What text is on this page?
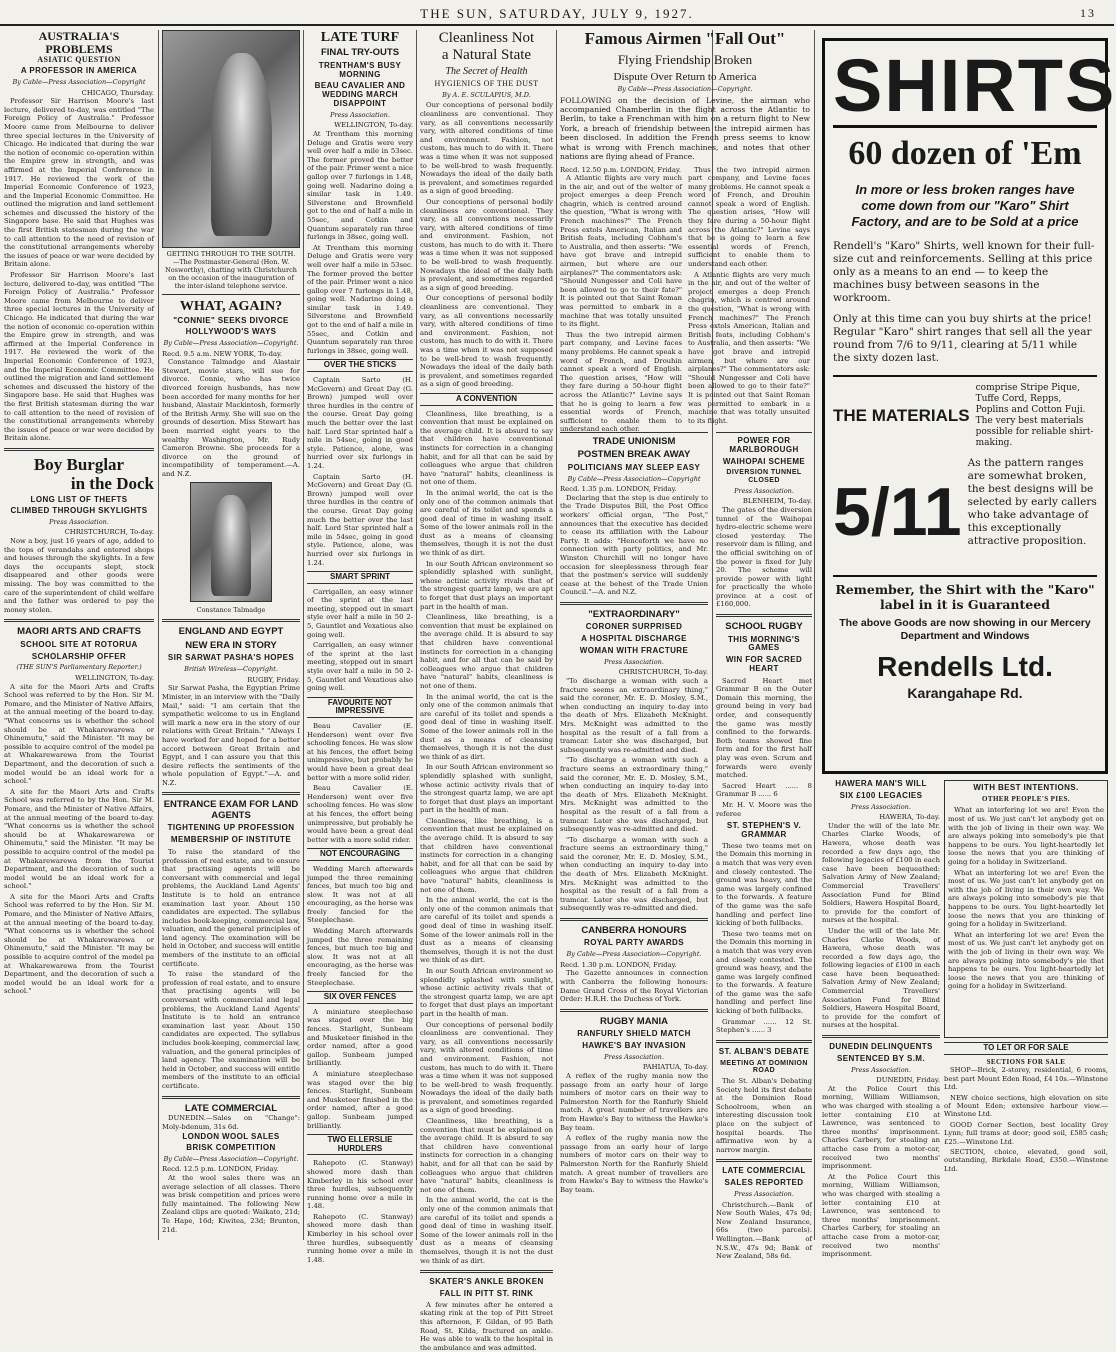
THE SUN, SATURDAY, JULY 9, 1927.	13
AUSTRALIA'S PROBLEMS
ASIATIC QUESTION
A PROFESSOR IN AMERICA
By Cable—Press Association—Copyright
CHICAGO, Thursday.

Professor Sir Harrison Moore's last lecture, delivered to-day, was entitled "The Foreign Policy of Australia." Professor Moore came from Melbourne to deliver three special lectures in the University of Chicago. He indicated that during the war the notion of economic co-operation within the Empire grew in strength, and was affirmed at the Imperial Conference in 1917. He reviewed the work of the Imperial Economic Conference of 1923, and the Imperial Economic Committee. He outlined the migration and land settlement schemes and discussed the history of the Singapore base. He said that Hughes was the first British statesman during the war to call attention to the need of revision of the constitutional arrangements whereby the issues of peace or war were decided by Britain alone.

Professor Sir Harrison Moore's last lecture, delivered to-day, was entitled "The Foreign Policy of Australia." Professor Moore came from Melbourne to deliver three special lectures in the University of Chicago. He indicated that during the war the notion of economic co-operation within the Empire grew in strength, and was affirmed at the Imperial Conference in 1917. He reviewed the work of the Imperial Economic Conference of 1923, and the Imperial Economic Committee. He outlined the migration and land settlement schemes and discussed the history of the Singapore base. He said that Hughes was the first British statesman during the war to call attention to the need of revision of the constitutional arrangements whereby the issues of peace or war were decided by Britain alone.

Boy Burglar
in the Dock
LONG LIST OF THEFTS
CLIMBED THROUGH SKYLIGHTS
Press Association.
CHRISTCHURCH, To-day.

Now a boy, just 16 years of age, added to the tops of verandahs and entered shops and houses through the skylights. In a few days the occupants slept, stock disappeared and other goods were missing. The boy was committed to the care of the superintendent of child welfare and the father was ordered to pay the money stolen.

MAORI ARTS AND CRAFTS
SCHOOL SITE AT ROTORUA
SCHOLARSHIP OFFER
(THE SUN'S Parliamentary Reporter.)
WELLINGTON, To-day.

A site for the Maori Arts and Crafts School was referred to by the Hon. Sir M. Pomare, and the Minister of Native Affairs, at the annual meeting of the board to-day. "What concerns us is whether the school should be at Whakarewarewa or Ohinemutu," said the Minister. "It may be possible to acquire control of the model pa at Whakarewarewa from the Tourist Department, and the decoration of such a model would be an ideal work for a school."

A site for the Maori Arts and Crafts School was referred to by the Hon. Sir M. Pomare, and the Minister of Native Affairs, at the annual meeting of the board to-day. "What concerns us is whether the school should be at Whakarewarewa or Ohinemutu," said the Minister. "It may be possible to acquire control of the model pa at Whakarewarewa from the Tourist Department, and the decoration of such a model would be an ideal work for a school."

A site for the Maori Arts and Crafts School was referred to by the Hon. Sir M. Pomare, and the Minister of Native Affairs, at the annual meeting of the board to-day. "What concerns us is whether the school should be at Whakarewarewa or Ohinemutu," said the Minister. "It may be possible to acquire control of the model pa at Whakarewarewa from the Tourist Department, and the decoration of such a model would be an ideal work for a school."

GETTING THROUGH TO THE SOUTH.—The Postmaster-General (Hon. W. Nosworthy), chatting with Christchurch on the occasion of the inauguration of the inter-island telephone service.
WHAT, AGAIN?
"CONNIE" SEEKS DIVORCE
HOLLYWOOD'S WAYS
By Cable—Press Association—Copyright.
Recd. 9.5 a.m. NEW YORK, To-day.

Constance Talmadge and Alastair Stewart, movie stars, will sue for divorce. Connie, who has twice divorced foreign husbands, has now been accorded for many months for her husband, Alastair Mackintosh, formerly of the British Army. She will sue on the grounds of desertion. Miss Stewart has been married eight years to the wealthy Washington, Mr. Rudy Cameron Browne. She proceeds for a divorce on the ground of incompatibility of temperament.—A. and N.Z.

Constance Talmadge
ENGLAND AND EGYPT
NEW ERA IN STORY
SIR SARWAT PASHA'S HOPES
British Wireless—Copyright.
RUGBY, Friday.

Sir Sarwat Pasha, the Egyptian Prime Minister, in an interview with the "Daily Mail," said: "I am certain that the sympathetic welcome to us in England will mark a new era in the story of our relations with Great Britain." "Always I have worked for and hoped for a better accord between Great Britain and Egypt, and I can assure you that this desire reflects the sentiments of the whole population of Egypt."—A. and N.Z.

ENTRANCE EXAM FOR LAND AGENTS
TIGHTENING UP PROFESSION
MEMBERSHIP OF INSTITUTE

To raise the standard of the profession of real estate, and to ensure that practising agents will be conversant with commercial and legal problems, the Auckland Land Agents' Institute is to hold an entrance examination last year. About 150 candidates are expected. The syllabus includes book-keeping, commercial law, valuation, and the general principles of land agency. The examination will be held in October, and success will entitle members of the institute to an official certificate.

To raise the standard of the profession of real estate, and to ensure that practising agents will be conversant with commercial and legal problems, the Auckland Land Agents' Institute is to hold an entrance examination last year. About 150 candidates are expected. The syllabus includes book-keeping, commercial law, valuation, and the general principles of land agency. The examination will be held in October, and success will entitle members of the institute to an official certificate.

LATE COMMERCIAL

DUNEDIN.—Sales on "Change": Moly-bdenum, 31s 6d.

LONDON WOOL SALES
BRISK COMPETITION
By Cable—Press Association—Copyright.
Recd. 12.5 p.m. LONDON, Friday.

At the wool sales there was an average selection of all classes. There was brisk competition and prices were fully maintained. The following New Zealand clips are quoted: Waikato, 21d; Te Hape, 16d; Kiwitea, 23d; Brunton, 21d.

LATE TURF
FINAL TRY-OUTS
TRENTHAM'S BUSY MORNING
BEAU CAVALIER AND WEDDING MARCH DISAPPOINT
Press Association.
WELLINGTON, To-day.

At Trentham this morning Deluge and Gratis were very well over half a mile in 53sec. The former proved the better of the pair. Primer went a nice gallop over 7 furlongs in 1.48, going well. Nadarino doing a similar task in 1.49. Silverstone and Brownfield got to the end of half a mile in 55sec, and Cotkin and Quantum separately ran three furlongs in 38sec, going well.

At Trentham this morning Deluge and Gratis were very well over half a mile in 53sec. The former proved the better of the pair. Primer went a nice gallop over 7 furlongs in 1.48, going well. Nadarino doing a similar task in 1.49. Silverstone and Brownfield got to the end of half a mile in 55sec, and Cotkin and Quantum separately ran three furlongs in 38sec, going well.

OVER THE STICKS

Captain Sarto (H. McGovern) and Great Day (G. Brown) jumped well over three hurdles in the centre of the course. Great Day going much the better over the last half. Lord Star sprinted half a mile in 54sec, going in good style. Patience, alone, was hurried over six furlongs in 1.24.

Captain Sarto (H. McGovern) and Great Day (G. Brown) jumped well over three hurdles in the centre of the course. Great Day going much the better over the last half. Lord Star sprinted half a mile in 54sec, going in good style. Patience, alone, was hurried over six furlongs in 1.24.

SMART SPRINT

Carrigallen, an easy winner of the sprint at the last meeting, stepped out in smart style over half a mile in 50 2-5, Gauntlet and Vexatious also going well.

Carrigallen, an easy winner of the sprint at the last meeting, stepped out in smart style over half a mile in 50 2-5, Gauntlet and Vexatious also going well.

FAVOURITE NOT IMPRESSIVE

Beau Cavalier (E. Henderson) went over five schooling fences. He was slow at his fences, the effort being unimpressive, but probably he would have been a great deal better with a more solid rider.

Beau Cavalier (E. Henderson) went over five schooling fences. He was slow at his fences, the effort being unimpressive, but probably he would have been a great deal better with a more solid rider.

NOT ENCOURAGING

Wedding March afterwards jumped the three remaining fences, but much too big and slow. It was not at all encouraging, as the horse was freely fancied for the Steeplechase.

Wedding March afterwards jumped the three remaining fences, but much too big and slow. It was not at all encouraging, as the horse was freely fancied for the Steeplechase.

SIX OVER FENCES

A miniature steeplechase was staged over the big fences. Starlight, Sunbeam and Musketeer finished in the order named, after a good gallop. Sunbeam jumped brilliantly.

A miniature steeplechase was staged over the big fences. Starlight, Sunbeam and Musketeer finished in the order named, after a good gallop. Sunbeam jumped brilliantly.

TWO ELLERSLIE HURDLERS

Rahepoto (C. Stanway) showed more dash than Kimberley in his school over three hurdles, subsequently running home over a mile in 1.48.

Rahepoto (C. Stanway) showed more dash than Kimberley in his school over three hurdles, subsequently running home over a mile in 1.48.

Cleanliness Not
a Natural State
The Secret of Health
HYGIENICS OF THE DUST
By A. E. SCULAPIUS, M.D.

Our conceptions of personal bodily cleanliness are conventional. They vary, as all conventions necessarily vary, with altered conditions of time and environment. Fashion, not custom, has much to do with it. There was a time when it was not supposed to be well-bred to wash frequently. Nowadays the ideal of the daily bath is prevalent, and sometimes regarded as a sign of good breeding.

Our conceptions of personal bodily cleanliness are conventional. They vary, as all conventions necessarily vary, with altered conditions of time and environment. Fashion, not custom, has much to do with it. There was a time when it was not supposed to be well-bred to wash frequently. Nowadays the ideal of the daily bath is prevalent, and sometimes regarded as a sign of good breeding.

Our conceptions of personal bodily cleanliness are conventional. They vary, as all conventions necessarily vary, with altered conditions of time and environment. Fashion, not custom, has much to do with it. There was a time when it was not supposed to be well-bred to wash frequently. Nowadays the ideal of the daily bath is prevalent, and sometimes regarded as a sign of good breeding.

A CONVENTION

Cleanliness, like breathing, is a convention that must be explained on the average child. It is absurd to say that children have conventional instincts for correction in a changing habit, and for all that can be said by colleagues who argue that children have "natural" habits, cleanliness is not one of them.

In the animal world, the cat is the only one of the common animals that are careful of its toilet and spends a good deal of time in washing itself. Some of the lower animals roll in the dust as a means of cleansing themselves, though it is not the dust we think of as dirt.

In our South African environment so splendidly splashed with sunlight, whose actinic activity rivals that of the strongest quartz lamp, we are apt to forget that dust plays an important part in the health of man.

Cleanliness, like breathing, is a convention that must be explained on the average child. It is absurd to say that children have conventional instincts for correction in a changing habit, and for all that can be said by colleagues who argue that children have "natural" habits, cleanliness is not one of them.

In the animal world, the cat is the only one of the common animals that are careful of its toilet and spends a good deal of time in washing itself. Some of the lower animals roll in the dust as a means of cleansing themselves, though it is not the dust we think of as dirt.

In our South African environment so splendidly splashed with sunlight, whose actinic activity rivals that of the strongest quartz lamp, we are apt to forget that dust plays an important part in the health of man.

Cleanliness, like breathing, is a convention that must be explained on the average child. It is absurd to say that children have conventional instincts for correction in a changing habit, and for all that can be said by colleagues who argue that children have "natural" habits, cleanliness is not one of them.

In the animal world, the cat is the only one of the common animals that are careful of its toilet and spends a good deal of time in washing itself. Some of the lower animals roll in the dust as a means of cleansing themselves, though it is not the dust we think of as dirt.

In our South African environment so splendidly splashed with sunlight, whose actinic activity rivals that of the strongest quartz lamp, we are apt to forget that dust plays an important part in the health of man.

Our conceptions of personal bodily cleanliness are conventional. They vary, as all conventions necessarily vary, with altered conditions of time and environment. Fashion, not custom, has much to do with it. There was a time when it was not supposed to be well-bred to wash frequently. Nowadays the ideal of the daily bath is prevalent, and sometimes regarded as a sign of good breeding.

Cleanliness, like breathing, is a convention that must be explained on the average child. It is absurd to say that children have conventional instincts for correction in a changing habit, and for all that can be said by colleagues who argue that children have "natural" habits, cleanliness is not one of them.

In the animal world, the cat is the only one of the common animals that are careful of its toilet and spends a good deal of time in washing itself. Some of the lower animals roll in the dust as a means of cleansing themselves, though it is not the dust we think of as dirt.

SKATER'S ANKLE BROKEN
FALL IN PITT ST. RINK

A few minutes after he entered a skating rink at the top of Pitt Street this afternoon, F. Gildan, of 95 Bath Road, St. Kilda, fractured an ankle. He was able to walk to the hospital in the ambulance and was admitted.

Famous Airmen "Fall Out"
Flying Friendship Broken
Dispute Over Return to America
By Cable—Press Association—Copyright.

FOLLOWING on the decision of Levine, the airman who accompanied Chamberlin in the flight across the Atlantic to Berlin, to take a Frenchman with him on a return flight to New York, a breach of friendship between the intrepid airmen has been disclosed. In addition the French press seems to know what is wrong with French machines, and notes that other nations are flying ahead of France.

Recd. 12.50 p.m. LONDON, Friday.

A Atlantic flights are very much in the air, and out of the welter of project emerges a deep French chagrin, which is centred around the question, "What is wrong with French machines?" The French Press extols American, Italian and British feats, including Cobham's to Australia, and then asserts: "We have got brave and intrepid airmen, but where are our airplanes?" The commentators ask: "Should Nungesser and Coli have been allowed to go to their fate?" It is pointed out that Saint Roman was permitted to embark in a machine that was totally unsuited to its flight.

Thus the two intrepid airmen part company, and Levine faces many problems. He cannot speak a word of French, and Drouhin cannot speak a word of English. The question arises, "How will they fare during a 50-hour flight across the Atlantic?" Levine says that he is going to learn a few essential words of French, sufficient to enable them to understand each other.

Thus the two intrepid airmen part company, and Levine faces many problems. He cannot speak a word of French, and Drouhin cannot speak a word of English. The question arises, "How will they fare during a 50-hour flight across the Atlantic?" Levine says that he is going to learn a few essential words of French, sufficient to enable them to understand each other.

A Atlantic flights are very much in the air, and out of the welter of project emerges a deep French chagrin, which is centred around the question, "What is wrong with French machines?" The French Press extols American, Italian and British feats, including Cobham's to Australia, and then asserts: "We have got brave and intrepid airmen, but where are our airplanes?" The commentators ask: "Should Nungesser and Coli have been allowed to go to their fate?" It is pointed out that Saint Roman was permitted to embark in a machine that was totally unsuited to its flight.

TRADE UNIONISM
POSTMEN BREAK AWAY
POLITICIANS MAY SLEEP EASY
By Cable—Press Association—Copyright
Recd. 1.35 p.m. LONDON, Friday.

Declaring that the step is due entirely to the Trade Disputes Bill, the Post Office workers' official organ, "The Post," announces that the executive has decided to cease its affiliation with the Labour Party. It adds: "Henceforth we have no connection with party politics, and Mr. Winston Churchill will no longer have occasion for sleeplessness through fear that the postmen's service will suddenly cease at the behest of the Trade Union Council."—A. and N.Z.

"EXTRAORDINARY"
CORONER SURPRISED
A HOSPITAL DISCHARGE
WOMAN WITH FRACTURE
Press Association.
CHRISTCHURCH, To-day.

"To discharge a woman with such a fracture seems an extraordinary thing," said the coroner, Mr. E. D. Mosley, S.M., when conducting an inquiry to-day into the death of Mrs. Elizabeth McKnight. Mrs. McKnight was admitted to the hospital as the result of a fall from a tramcar. Later she was discharged, but subsequently was re-admitted and died.

"To discharge a woman with such a fracture seems an extraordinary thing," said the coroner, Mr. E. D. Mosley, S.M., when conducting an inquiry to-day into the death of Mrs. Elizabeth McKnight. Mrs. McKnight was admitted to the hospital as the result of a fall from a tramcar. Later she was discharged, but subsequently was re-admitted and died.

"To discharge a woman with such a fracture seems an extraordinary thing," said the coroner, Mr. E. D. Mosley, S.M., when conducting an inquiry to-day into the death of Mrs. Elizabeth McKnight. Mrs. McKnight was admitted to the hospital as the result of a fall from a tramcar. Later she was discharged, but subsequently was re-admitted and died.

CANBERRA HONOURS
ROYAL PARTY AWARDS
By Cable—Press Association—Copyright.
Recd. 1.30 p.m. LONDON, Friday.

The Gazette announces in connection with Canberra the following honours: Dame Grand Cross of the Royal Victorian Order: H.R.H. the Duchess of York.

RUGBY MANIA
RANFURLY SHIELD MATCH
HAWKE'S BAY INVASION
Press Association.
PAHIATUA, To-day.

A reflex of the rugby mania now the passage from an early hour of large numbers of motor cars on their way to Palmerston North for the Ranfurly Shield match. A great number of travellers are from Hawke's Bay to witness the Hawke's Bay team.

A reflex of the rugby mania now the passage from an early hour of large numbers of motor cars on their way to Palmerston North for the Ranfurly Shield match. A great number of travellers are from Hawke's Bay to witness the Hawke's Bay team.

POWER FOR MARLBOROUGH
WAIHOPAI SCHEME
DIVERSION TUNNEL CLOSED
Press Association.
BLENHEIM, To-day.

The gates of the diversion tunnel of the Waihopai hydro-electric scheme were closed yesterday. The reservoir dam is filling, and the official switching on of the power is fixed for July 20. The scheme will provide power with light for practically the whole province at a cost of £160,000.

SCHOOL RUGBY
THIS MORNING'S GAMES
WIN FOR SACRED HEART

Sacred Heart met Grammar B on the Outer Domain this morning, the ground being in very bad order, and consequently the game was mostly confined to the forwards. Both teams showed fine form and for the first half play was even. Scrum and forwards were evenly matched.

Sacred Heart ...... 8 Grammar B ...... 6

Mr. H. V. Moore was the referee

ST. STEPHEN'S V. GRAMMAR

These two teams met on the Domain this morning in a match that was very even and closely contested. The ground was heavy, and the game was largely confined to the forwards. A feature of the game was the safe handling and perfect line kicking of both fullbacks.

These two teams met on the Domain this morning in a match that was very even and closely contested. The ground was heavy, and the game was largely confined to the forwards. A feature of the game was the safe handling and perfect line kicking of both fullbacks.

Grammar ...... 12 St. Stephen's ...... 3

ST. ALBAN'S DEBATE
MEETING AT DOMINION ROAD

The St. Alban's Debating Society held its first debate at the Dominion Road Schoolroom, when an interesting discussion took place on the subject of hospital boards. The affirmative won by a narrow margin.

LATE COMMERCIAL
SALES REPORTED
Press Association.

Christchurch.—Bank of New South Wales, 47s 9d; New Zealand Insurance, 66s (two parcels). Wellington.—Bank of N.S.W., 47s 9d; Bank of New Zealand, 58s 6d.

SHIRTS
60 dozen of 'Em
In more or less broken ranges have come down from our "Karo" Shirt Factory, and are to be Sold at a price
Rendell's "Karo" Shirts, well known for their full-size cut and reinforcements. Selling at this price only as a means to an end — to keep the machines busy between seasons in the workroom.
Only at this time can you buy shirts at the price! Regular "Karo" shirt ranges that sell all the year round from 7/6 to 9/11, clearing at 5/11 while the sixty dozen last.
THE MATERIALS
comprise Stripe Pique, Tuffe Cord, Repps, Poplins and Cotton Fuji. The very best materials possible for reliable shirt-making.
5/11
As the pattern ranges are somewhat broken, the best designs will be selected by early callers who take advantage of this exceptionally attractive proposition.
Remember, the Shirt with the "Karo" label in it is Guaranteed
The above Goods are now showing in our Mercery Department and Windows
Rendells Ltd.
Karangahape Rd.
HAWERA MAN'S WILL
SIX £100 LEGACIES
Press Association.
HAWERA, To-day.

Under the will of the late Mr. Charles Clarke Woods, of Hawera, whose death was recorded a few days ago, the following legacies of £100 in each case have been bequeathed: Salvation Army of New Zealand; Commercial Travellers' Association Fund for Blind Soldiers, Hawera Hospital Board, to provide for the comfort of nurses at the hospital.

Under the will of the late Mr. Charles Clarke Woods, of Hawera, whose death was recorded a few days ago, the following legacies of £100 in each case have been bequeathed: Salvation Army of New Zealand; Commercial Travellers' Association Fund for Blind Soldiers, Hawera Hospital Board, to provide for the comfort of nurses at the hospital.

DUNEDIN DELINQUENTS
SENTENCED BY S.M.
Press Association.
DUNEDIN, Friday.

At the Police Court this morning, William Williamson, who was charged with stealing a letter containing £10 at Lawrence, was sentenced to three months' imprisonment. Charles Carbery, for stealing an attache case from a motor-car, received two months' imprisonment.

At the Police Court this morning, William Williamson, who was charged with stealing a letter containing £10 at Lawrence, was sentenced to three months' imprisonment. Charles Carbery, for stealing an attache case from a motor-car, received two months' imprisonment.

WITH BEST INTENTIONS.
OTHER PEOPLE'S PIES.

What an interfering lot we are! Even the most of us. We just can't let anybody get on with the job of living in their own way. We are always poking into somebody's pie that happens to be ours. You light-heartedly let loose the news that you are thinking of going for a holiday in Switzerland.

What an interfering lot we are! Even the most of us. We just can't let anybody get on with the job of living in their own way. We are always poking into somebody's pie that happens to be ours. You light-heartedly let loose the news that you are thinking of going for a holiday in Switzerland.

What an interfering lot we are! Even the most of us. We just can't let anybody get on with the job of living in their own way. We are always poking into somebody's pie that happens to be ours. You light-heartedly let loose the news that you are thinking of going for a holiday in Switzerland.

TO LET OR FOR SALE
SECTIONS FOR SALE

SHOP—Brick, 2-storey, residential, 6 rooms, best part Mount Eden Road, £4 10s.—Winstone Ltd.

NEW choice sections, high elevation on site of Mount Eden; extensive harbour view.—Winstone Ltd.

GOOD Corner Section, best locality Grey Lynn; full trams at door; good soil, £585 cash; £25.—Winstone Ltd.

SECTION, choice, elevated, good soil, outstanding, Birkdale Road, £350.—Winstone Ltd.
